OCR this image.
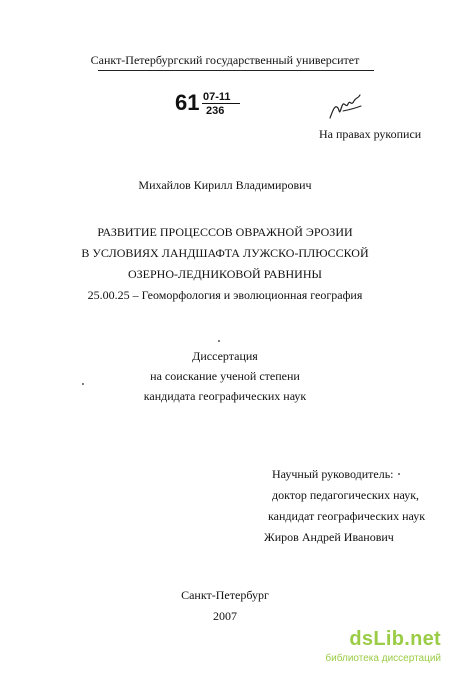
Санкт-Петербургский государственный университет
61 07-11
236
На правах рукописи
Михайлов Кирилл Владимирович
РАЗВИТИЕ ПРОЦЕССОВ ОВРАЖНОЙ ЭРОЗИИ
В УСЛОВИЯХ ЛАНДШАФТА ЛУЖСКО-ПЛЮССКОЙ
ОЗЕРНО-ЛЕДНИКОВОЙ РАВНИНЫ
25.00.25 – Геоморфология и эволюционная география
Диссертация
на соискание ученой степени
кандидата географических наук
Научный руководитель:
доктор педагогических наук,
кандидат географических наук
Жиров Андрей Иванович
Санкт-Петербург
2007
dsLib.net
библиотека диссертаций
